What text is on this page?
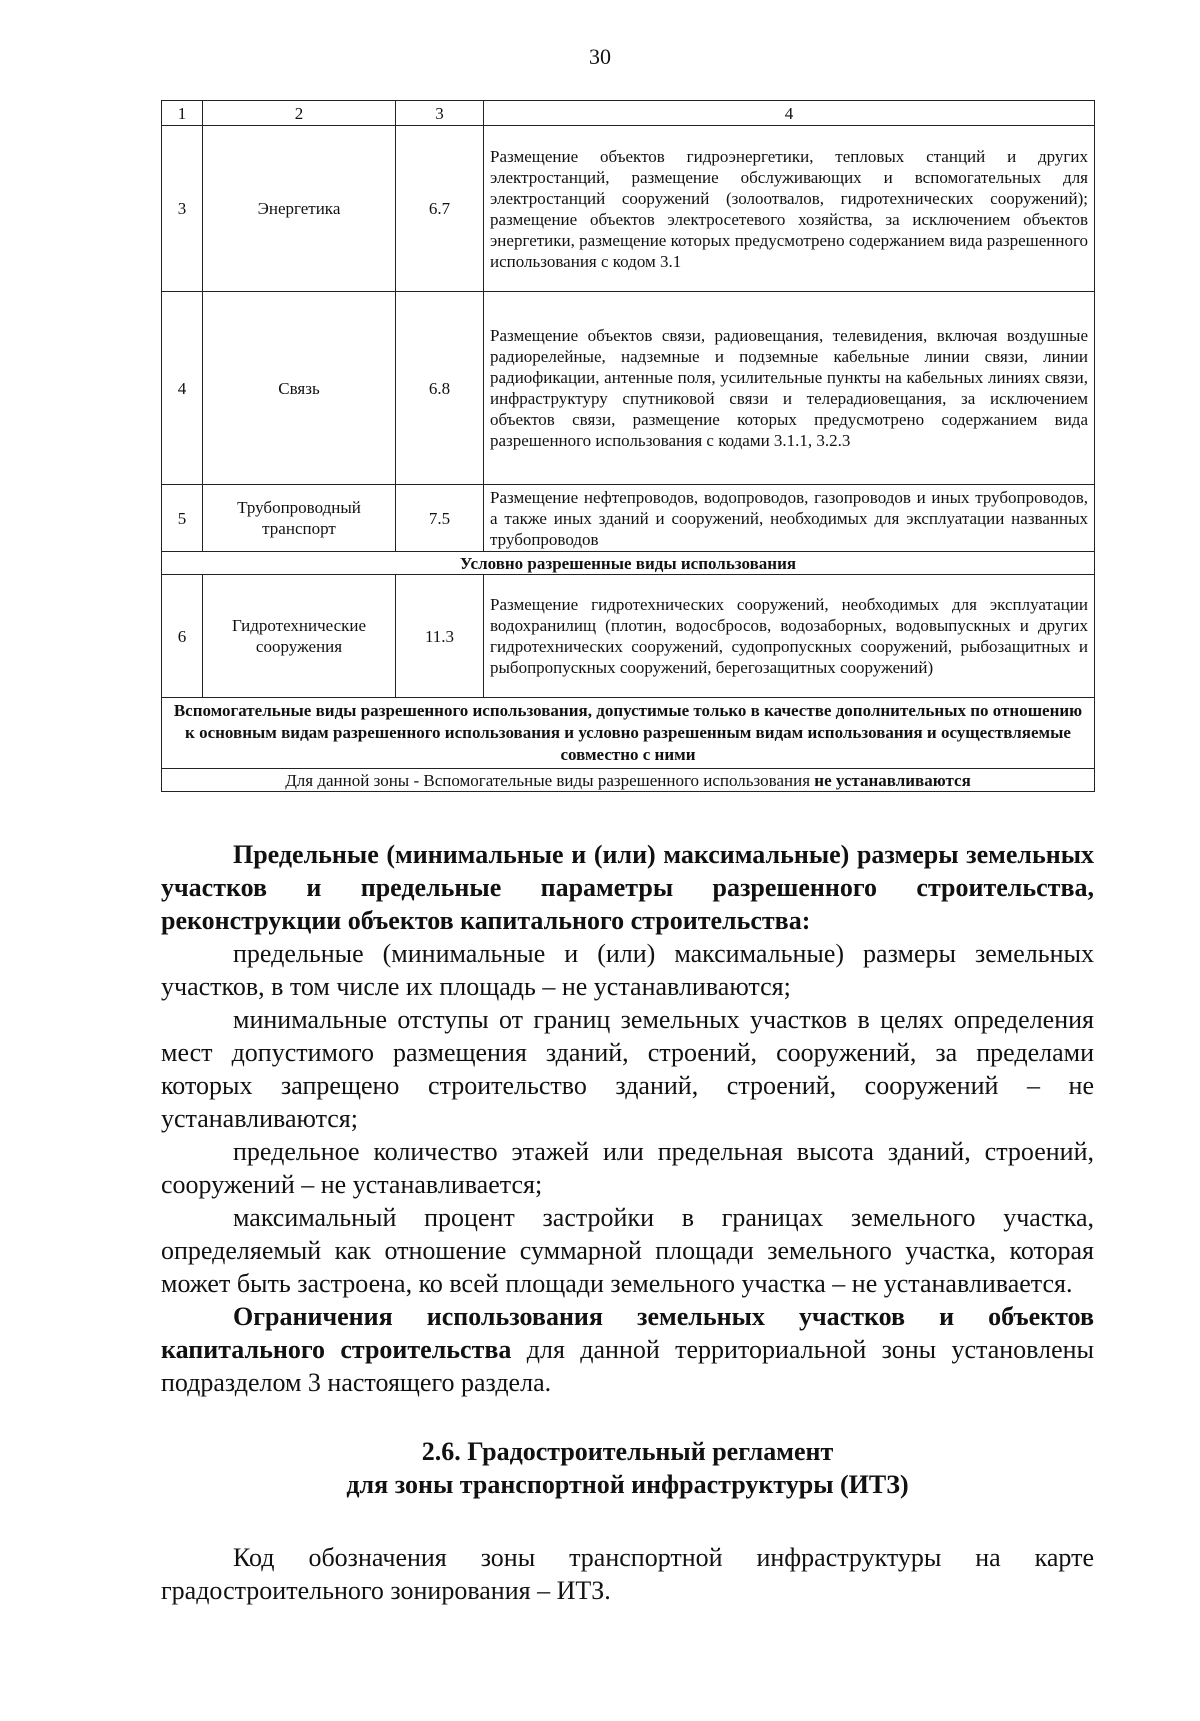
30
1	2	3	4
3	Энергетика	6.7	Размещение объектов гидроэнергетики, тепловых станций и других электростанций, размещение обслуживающих и вспомогательных для электростанций сооружений (золоотвалов, гидротехнических сооружений); размещение объектов электросетевого хозяйства, за исключением объектов энергетики, размещение которых предусмотрено содержанием вида разрешенного использования с кодом 3.1
4	Связь	6.8	Размещение объектов связи, радиовещания, телевидения, включая воздушные радиорелейные, надземные и подземные кабельные линии связи, линии радиофикации, антенные поля, усилительные пункты на кабельных линиях связи, инфраструктуру спутниковой связи и телерадиовещания, за исключением объектов связи, размещение которых предусмотрено содержанием вида разрешенного использования с кодами 3.1.1, 3.2.3
5	Трубопроводный транспорт	7.5	Размещение нефтепроводов, водопроводов, газопроводов и иных трубопроводов, а также иных зданий и сооружений, необходимых для эксплуатации названных трубопроводов
Условно разрешенные виды использования			
6	Гидротехнические сооружения	11.3	Размещение гидротехнических сооружений, необходимых для эксплуатации водохранилищ (плотин, водосбросов, водозаборных, водовыпускных и других гидротехнических сооружений, судопропускных сооружений, рыбозащитных и рыбопропускных сооружений, берегозащитных сооружений)
Вспомогательные виды разрешенного использования, допустимые только в качестве дополнительных по отношению к основным видам разрешенного использования и условно разрешенным видам использования и осуществляемые совместно с ними			
Для данной зоны - Вспомогательные виды разрешенного использования не устанавливаются			

Предельные (минимальные и (или) максимальные) размеры земельных участков и предельные параметры разрешенного строительства, реконструкции объектов капитального строительства:

предельные (минимальные и (или) максимальные) размеры земельных участков, в том числе их площадь – не устанавливаются;

минимальные отступы от границ земельных участков в целях определения мест допустимого размещения зданий, строений, сооружений, за пределами которых запрещено строительство зданий, строений, сооружений – не устанавливаются;

предельное количество этажей или предельная высота зданий, строений, сооружений – не устанавливается;

максимальный процент застройки в границах земельного участка, определяемый как отношение суммарной площади земельного участка, которая может быть застроена, ко всей площади земельного участка – не устанавливается.

Ограничения использования земельных участков и объектов капитального строительства для данной территориальной зоны установлены подразделом 3 настоящего раздела.

2.6. Градостроительный регламент
для зоны транспортной инфраструктуры (ИТЗ)

Код обозначения зоны транспортной инфраструктуры на карте градостроительного зонирования – ИТЗ.
